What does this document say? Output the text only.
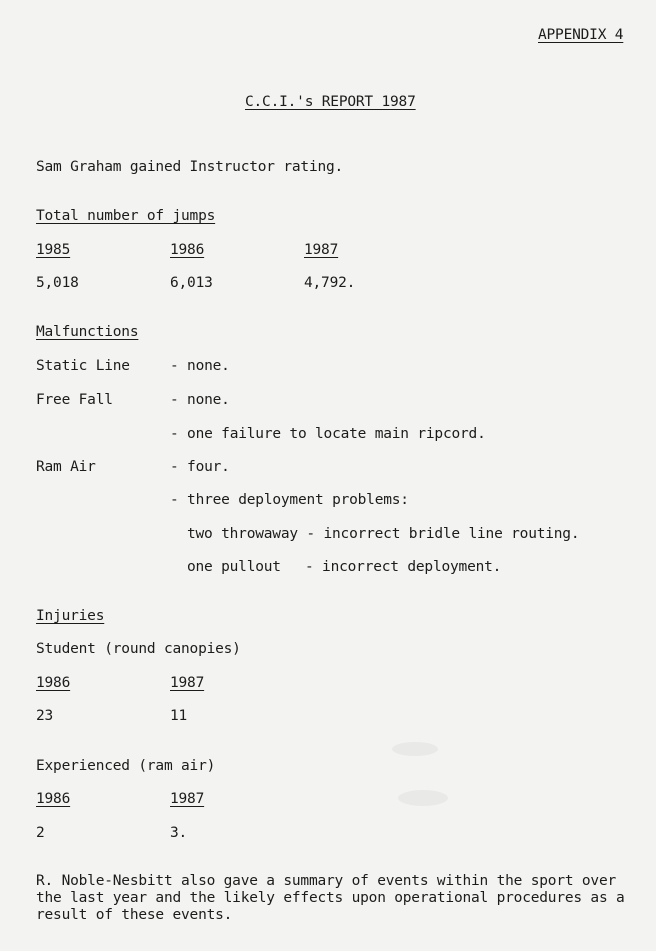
APPENDIX 4
C.C.I.'s REPORT 1987
Sam Graham gained Instructor rating.
Total number of jumps
1985	1986	1987
5,018	6,013	4,792.
Malfunctions
Static Line	- none.
Free Fall	- none.
- one failure to locate main ripcord.
Ram Air	- four.
- three deployment problems:
two throwaway - incorrect bridle line routing.
one pullout - incorrect deployment.
Injuries
Student (round canopies)
1986	1987
23	11
Experienced (ram air)
1986	1987
2	3.
R. Noble-Nesbitt also gave a summary of events within the sport over the last year and the likely effects upon operational procedures as a result of these events.
